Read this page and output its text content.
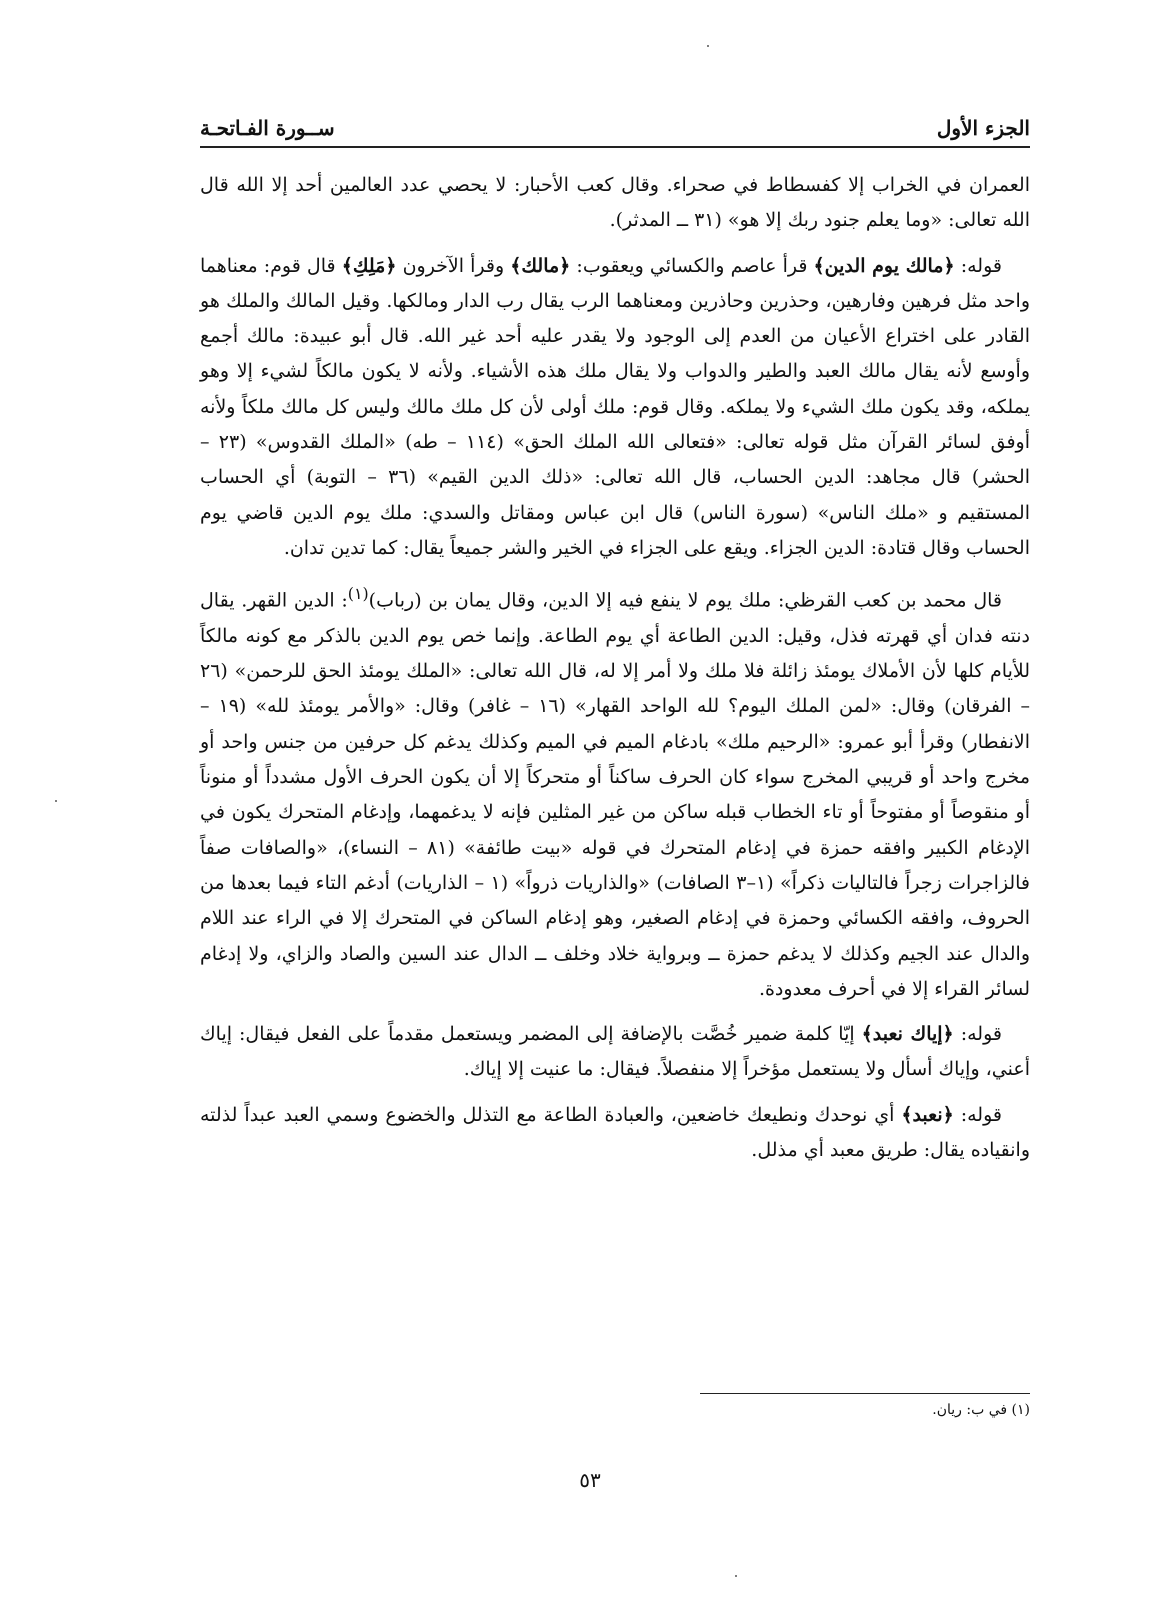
الجزء الأول
ســورة الفـاتحـة

العمران في الخراب إلا كفسطاط في صحراء. وقال كعب الأحبار: لا يحصي عدد العالمين أحد إلا الله قال الله تعالى: «وما يعلم جنود ربك إلا هو» (٣١ ــ المدثر).

قوله: ﴿مالك يوم الدين﴾ قرأ عاصم والكسائي ويعقوب: ﴿مالك﴾ وقرأ الآخرون ﴿مَلِكِ﴾ قال قوم: معناهما واحد مثل فرهين وفارهين، وحذرين وحاذرين ومعناهما الرب يقال رب الدار ومالكها. وقيل المالك والملك هو القادر على اختراع الأعيان من العدم إلى الوجود ولا يقدر عليه أحد غير الله. قال أبو عبيدة: مالك أجمع وأوسع لأنه يقال مالك العبد والطير والدواب ولا يقال ملك هذه الأشياء. ولأنه لا يكون مالكاً لشيء إلا وهو يملكه، وقد يكون ملك الشيء ولا يملكه. وقال قوم: ملك أولى لأن كل ملك مالك وليس كل مالك ملكاً ولأنه أوفق لسائر القرآن مثل قوله تعالى: «فتعالى الله الملك الحق» (١١٤ – طه) «الملك القدوس» (٢٣ – الحشر) قال مجاهد: الدين الحساب، قال الله تعالى: «ذلك الدين القيم» (٣٦ – التوبة) أي الحساب المستقيم و «ملك الناس» (سورة الناس) قال ابن عباس ومقاتل والسدي: ملك يوم الدين قاضي يوم الحساب وقال قتادة: الدين الجزاء. ويقع على الجزاء في الخير والشر جميعاً يقال: كما تدين تدان.

قال محمد بن كعب القرظي: ملك يوم لا ينفع فيه إلا الدين، وقال يمان بن (رباب)$^{(١)}$: الدين القهر. يقال دنته فدان أي قهرته فذل، وقيل: الدين الطاعة أي يوم الطاعة. وإنما خص يوم الدين بالذكر مع كونه مالكاً للأيام كلها لأن الأملاك يومئذ زائلة فلا ملك ولا أمر إلا له، قال الله تعالى: «الملك يومئذ الحق للرحمن» (٢٦ – الفرقان) وقال: «لمن الملك اليوم؟ لله الواحد القهار» (١٦ – غافر) وقال: «والأمر يومئذ لله» (١٩ – الانفطار) وقرأ أبو عمرو: «الرحيم ملك» بادغام الميم في الميم وكذلك يدغم كل حرفين من جنس واحد أو مخرج واحد أو قريبي المخرج سواء كان الحرف ساكناً أو متحركاً إلا أن يكون الحرف الأول مشدداً أو منوناً أو منقوصاً أو مفتوحاً أو تاء الخطاب قبله ساكن من غير المثلين فإنه لا يدغمهما، وإدغام المتحرك يكون في الإدغام الكبير وافقه حمزة في إدغام المتحرك في قوله «بيت طائفة» (٨١ – النساء)، «والصافات صفاً فالزاجرات زجراً فالتاليات ذكراً» (١–٣ الصافات) «والذاريات ذرواً» (١ – الذاريات) أدغم التاء فيما بعدها من الحروف، وافقه الكسائي وحمزة في إدغام الصغير، وهو إدغام الساكن في المتحرك إلا في الراء عند اللام والدال عند الجيم وكذلك لا يدغم حمزة ــ وبرواية خلاد وخلف ــ الدال عند السين والصاد والزاي، ولا إدغام لسائر القراء إلا في أحرف معدودة.

قوله: ﴿إياك نعبد﴾ إيّا كلمة ضمير خُصَّت بالإضافة إلى المضمر ويستعمل مقدماً على الفعل فيقال: إياك أعني، وإياك أسأل ولا يستعمل مؤخراً إلا منفصلاً. فيقال: ما عنيت إلا إياك.

قوله: ﴿نعبد﴾ أي نوحدك ونطيعك خاضعين، والعبادة الطاعة مع التذلل والخضوع وسمي العبد عبداً لذلته وانقياده يقال: طريق معبد أي مذلل.

(١) في ب: ريان.
٥٣
